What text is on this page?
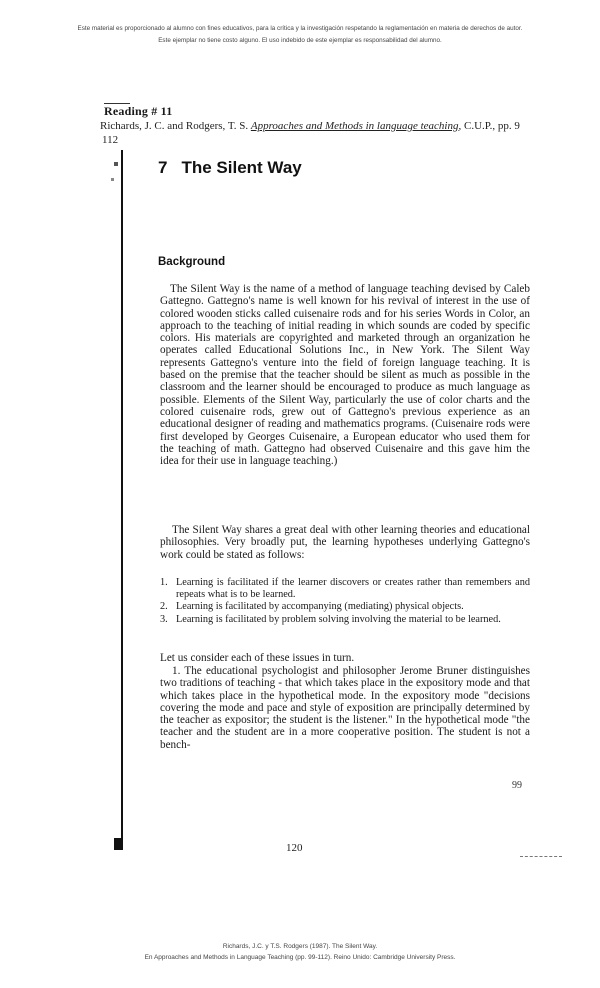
Este material es proporcionado al alumno con fines educativos, para la crítica y la investigación respetando la reglamentación en materia de derechos de autor.
Este ejemplar no tiene costo alguno. El uso indebido de este ejemplar es responsabilidad del alumno.
Reading # 11
Richards, J. C. and Rodgers, T. S. Approaches and Methods in language teaching, C.U.P., pp. 9
112
7 The Silent Way
Background
The Silent Way is the name of a method of language teaching devised by Caleb Gattegno. Gattegno's name is well known for his revival of interest in the use of colored wooden sticks called cuisenaire rods and for his series Words in Color, an approach to the teaching of initial reading in which sounds are coded by specific colors. His materials are copyrighted and marketed through an organization he operates called Educational Solutions Inc., in New York. The Silent Way represents Gattegno's venture into the field of foreign language teaching. It is based on the premise that the teacher should be silent as much as possible in the classroom and the learner should be encouraged to produce as much language as possible. Elements of the Silent Way, particularly the use of color charts and the colored cuisenaire rods, grew out of Gattegno's previous experience as an educational designer of reading and mathematics programs. (Cuisenaire rods were first developed by Georges Cuisenaire, a European educator who used them for the teaching of math. Gattegno had observed Cuisenaire and this gave him the idea for their use in language teaching.)
The Silent Way shares a great deal with other learning theories and educational philosophies. Very broadly put, the learning hypotheses underlying Gattegno's work could be stated as follows:
1. Learning is facilitated if the learner discovers or creates rather than remembers and repeats what is to be learned.
2. Learning is facilitated by accompanying (mediating) physical objects.
3. Learning is facilitated by problem solving involving the material to be learned.
Let us consider each of these issues in turn.
1. The educational psychologist and philosopher Jerome Bruner distinguishes two traditions of teaching - that which takes place in the expository mode and that which takes place in the hypothetical mode. In the expository mode "decisions covering the mode and pace and style of exposition are principally determined by the teacher as expositor; the student is the listener." In the hypothetical mode "the teacher and the student are in a more cooperative position. The student is not a bench-
99
120
Richards, J.C. y T.S. Rodgers (1987). The Silent Way.
En Approaches and Methods in Language Teaching (pp. 99-112). Reino Unido: Cambridge University Press.
